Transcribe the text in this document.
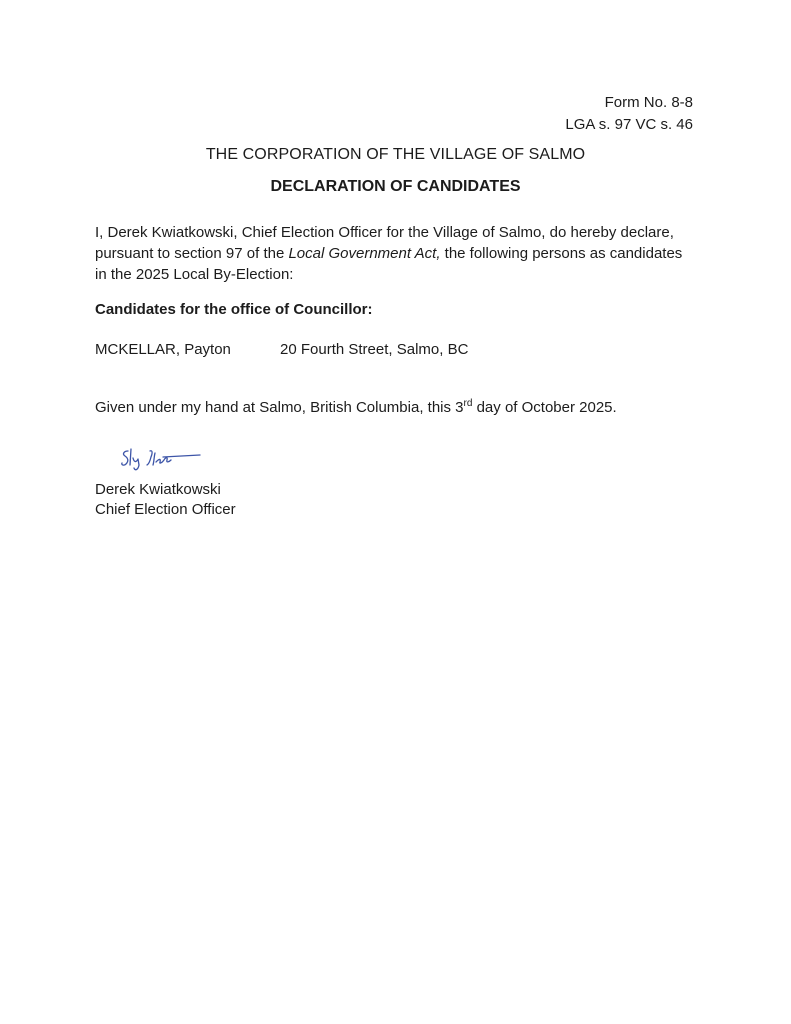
Form No. 8-8
LGA s. 97 VC s. 46
THE CORPORATION OF THE VILLAGE OF SALMO
DECLARATION OF CANDIDATES
I, Derek Kwiatkowski, Chief Election Officer for the Village of Salmo, do hereby declare, pursuant to section 97 of the Local Government Act, the following persons as candidates in the 2025 Local By-Election:
Candidates for the office of Councillor:
MCKELLAR, Payton	20 Fourth Street, Salmo, BC
Given under my hand at Salmo, British Columbia, this 3rd day of October 2025.
Derek Kwiatkowski
Chief Election Officer
